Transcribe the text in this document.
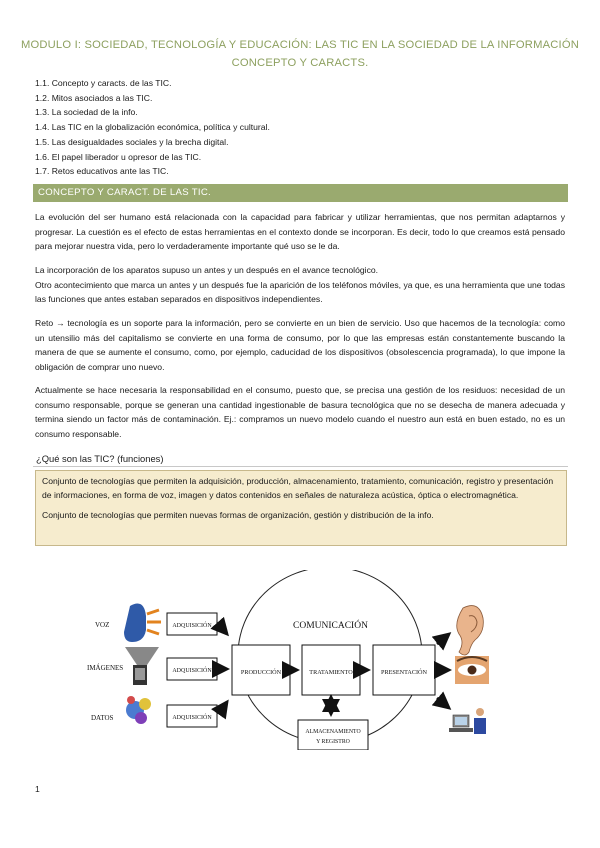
MODULO I: SOCIEDAD, TECNOLOGÍA Y EDUCACIÓN: LAS TIC EN LA SOCIEDAD DE LA INFORMACIÓN
CONCEPTO Y CARACTS.
1.1. Concepto y caracts. de las TIC.
1.2. Mitos asociados a las TIC.
1.3. La sociedad de la info.
1.4. Las TIC en la globalización económica, política y cultural.
1.5. Las desigualdades sociales y la brecha digital.
1.6. El papel liberador u opresor de las TIC.
1.7. Retos educativos ante las TIC.
CONCEPTO Y CARACT. DE LAS TIC.

La evolución del ser humano está relacionada con la capacidad para fabricar y utilizar herramientas, que nos permitan adaptarnos y progresar. La cuestión es el efecto de estas herramientas en el contexto donde se incorporan. Es decir, todo lo que creamos está pensado para mejorar nuestra vida, pero lo verdaderamente importante qué uso se le da.

La incorporación de los aparatos supuso un antes y un después en el avance tecnológico.
Otro acontecimiento que marca un antes y un después fue la aparición de los teléfonos móviles, ya que, es una herramienta que une todas las funciones que antes estaban separados en dispositivos independientes.

Reto → tecnología es un soporte para la información, pero se convierte en un bien de servicio. Uso que hacemos de la tecnología: como un utensilio más del capitalismo se convierte en una forma de consumo, por lo que las empresas están constantemente buscando la manera de que se aumente el consumo, como, por ejemplo, caducidad de los dispositivos (obsolescencia programada), lo que impone la obligación de comprar uno nuevo.

Actualmente se hace necesaria la responsabilidad en el consumo, puesto que, se precisa una gestión de los residuos: necesidad de un consumo responsable, porque se generan una cantidad ingestionable de basura tecnológica que no se desecha de manera adecuada y termina siendo un factor más de contaminación. Ej.: compramos un nuevo modelo cuando el nuestro aun está en buen estado, no es un consumo responsable.

¿Qué son las TIC? (funciones)

Conjunto de tecnologías que permiten la adquisición, producción, almacenamiento, tratamiento, comunicación, registro y presentación de informaciones, en forma de voz, imagen y datos contenidos en señales de naturaleza acústica, óptica o electromagnética.

Conjunto de tecnologías que permiten nuevas formas de organización, gestión y distribución de la info.

COMUNICACIÓN
VOZ
IMÁGENES
DATOS
ADQUISICIÓN
ADQUISICIÓN
ADQUISICIÓN
PRODUCCIÓN	TRATAMIENTO	PRESENTACIÓN
ALMACENAMIENTO
Y REGISTRO
1
